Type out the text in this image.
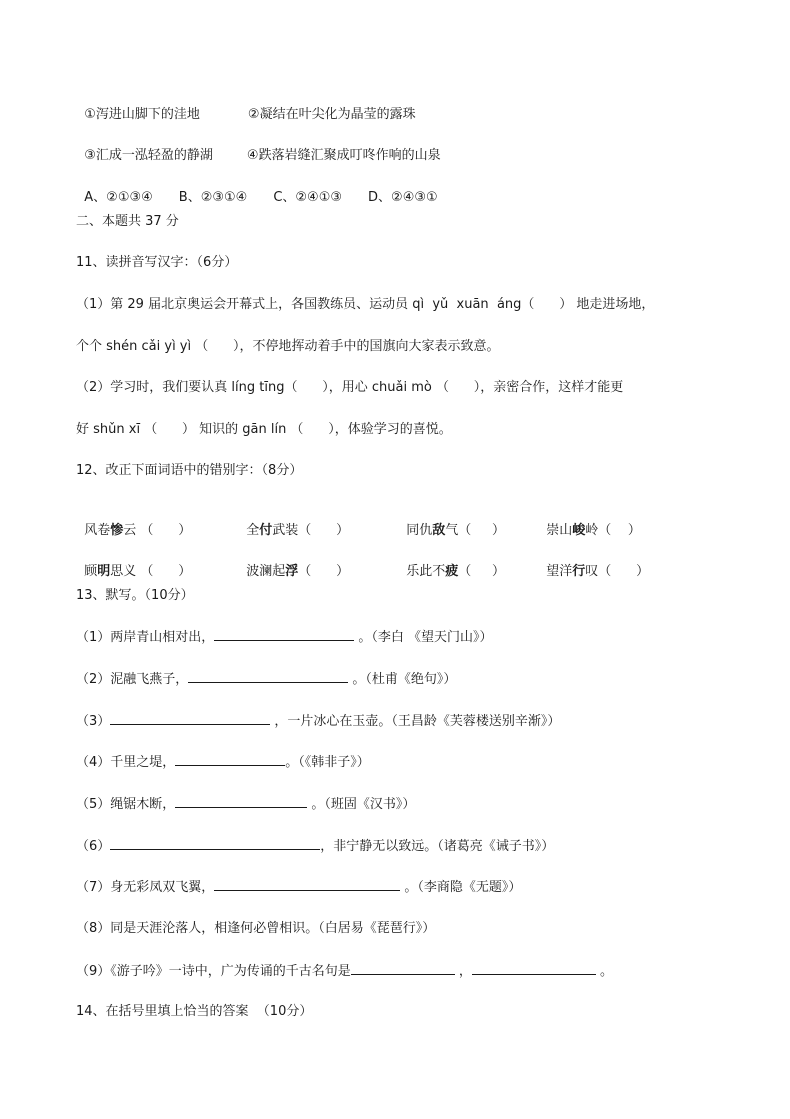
①泻进山脚下的洼地	②凝结在叶尖化为晶莹的露珠

③汇成一泓轻盈的静湖	④跌落岩缝汇聚成叮咚作响的山泉

A、②①③④ B、②③①④ C、②④①③ D、②④③①

二、本题共 37 分
11、读拼音写汉字：（6分）
（1）第 29 届北京奥运会开幕式上，各国教练员、运动员 qì  yǔ  xuān  áng（      ） 地走进场地，
个个 shén cǎi yì yì （      ），不停地挥动着手中的国旗向大家表示致意。
（2）学习时，我们要认真 líng tīng（      ），用心 chuǎi mò （      ），亲密合作，这样才能更
好 shǔn xī （      ） 知识的 gān lín （      ），体验学习的喜悦。
12、改正下面词语中的错别字：（8分）

风卷惨云 （      ）	全付武装（      ）	同仇敌气（     ）	崇山峻岭（    ）

顾明思义 （      ）	波澜起浮（      ）	乐此不疲（     ）	望洋行叹（      ）

13、默写。（10分）
（1）两岸青山相对出，	。（李白 《望天门山》）
（2）泥融飞燕子，	。（杜甫《绝句》）
（3）	，一片冰心在玉壶。（王昌龄《芙蓉楼送别辛渐》）
（4）千里之堤，	。（《韩非子》）
（5）绳锯木断，	。（班固《汉书》）
（6）	，非宁静无以致远。（诸葛亮《诫子书》）
（7）身无彩凤双飞翼，	。（李商隐《无题》）
（8）同是天涯沦落人，相逢何必曾相识。（白居易《琵琶行》）
（9）《游子吟》一诗中，广为传诵的千古名句是	，	。
14、在括号里填上恰当的答案  （10分）
